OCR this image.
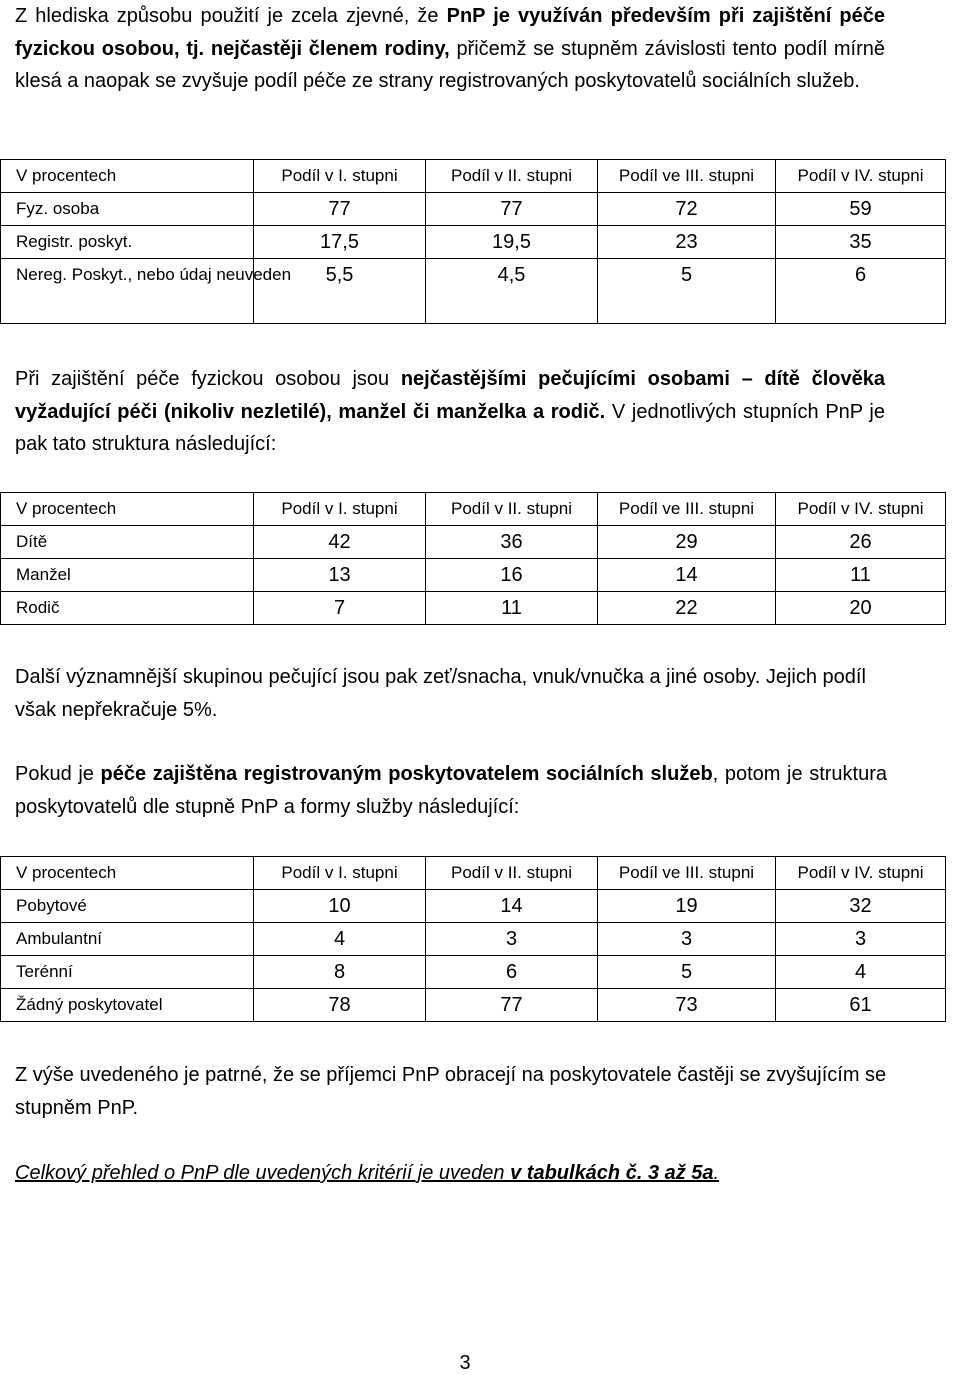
Z hlediska způsobu použití je zcela zjevné, že PnP je využíván především při zajištění péče fyzickou osobou, tj. nejčastěji členem rodiny, přičemž se stupněm závislosti tento podíl mírně klesá a naopak se zvyšuje podíl péče ze strany registrovaných poskytovatelů sociálních služeb.

V procentech	Podíl v I. stupni	Podíl v II. stupni	Podíl ve III. stupni	Podíl v IV. stupni
Fyz. osoba	77	77	72	59
Registr. poskyt.	17,5	19,5	23	35
Nereg. Poskyt., nebo údaj neuveden	5,5	4,5	5	6

Při zajištění péče fyzickou osobou jsou nejčastějšími pečujícími osobami – dítě člověka vyžadující péči (nikoliv nezletilé), manžel či manželka a rodič. V jednotlivých stupních PnP je pak tato struktura následující:

V procentech	Podíl v I. stupni	Podíl v II. stupni	Podíl ve III. stupni	Podíl v IV. stupni
Dítě	42	36	29	26
Manžel	13	16	14	11
Rodič	7	11	22	20

Další významnější skupinou pečující jsou pak zeť/snacha, vnuk/vnučka a jiné osoby. Jejich podíl však nepřekračuje 5%.

Pokud je péče zajištěna registrovaným poskytovatelem sociálních služeb, potom je struktura poskytovatelů dle stupně PnP a formy služby následující:

V procentech	Podíl v I. stupni	Podíl v II. stupni	Podíl ve III. stupni	Podíl v IV. stupni
Pobytové	10	14	19	32
Ambulantní	4	3	3	3
Terénní	8	6	5	4
Žádný poskytovatel	78	77	73	61

Z výše uvedeného je patrné, že se příjemci PnP obracejí na poskytovatele častěji se zvyšujícím se stupněm PnP.

Celkový přehled o PnP dle uvedených kritérií je uveden v tabulkách č. 3 až 5a.

3
